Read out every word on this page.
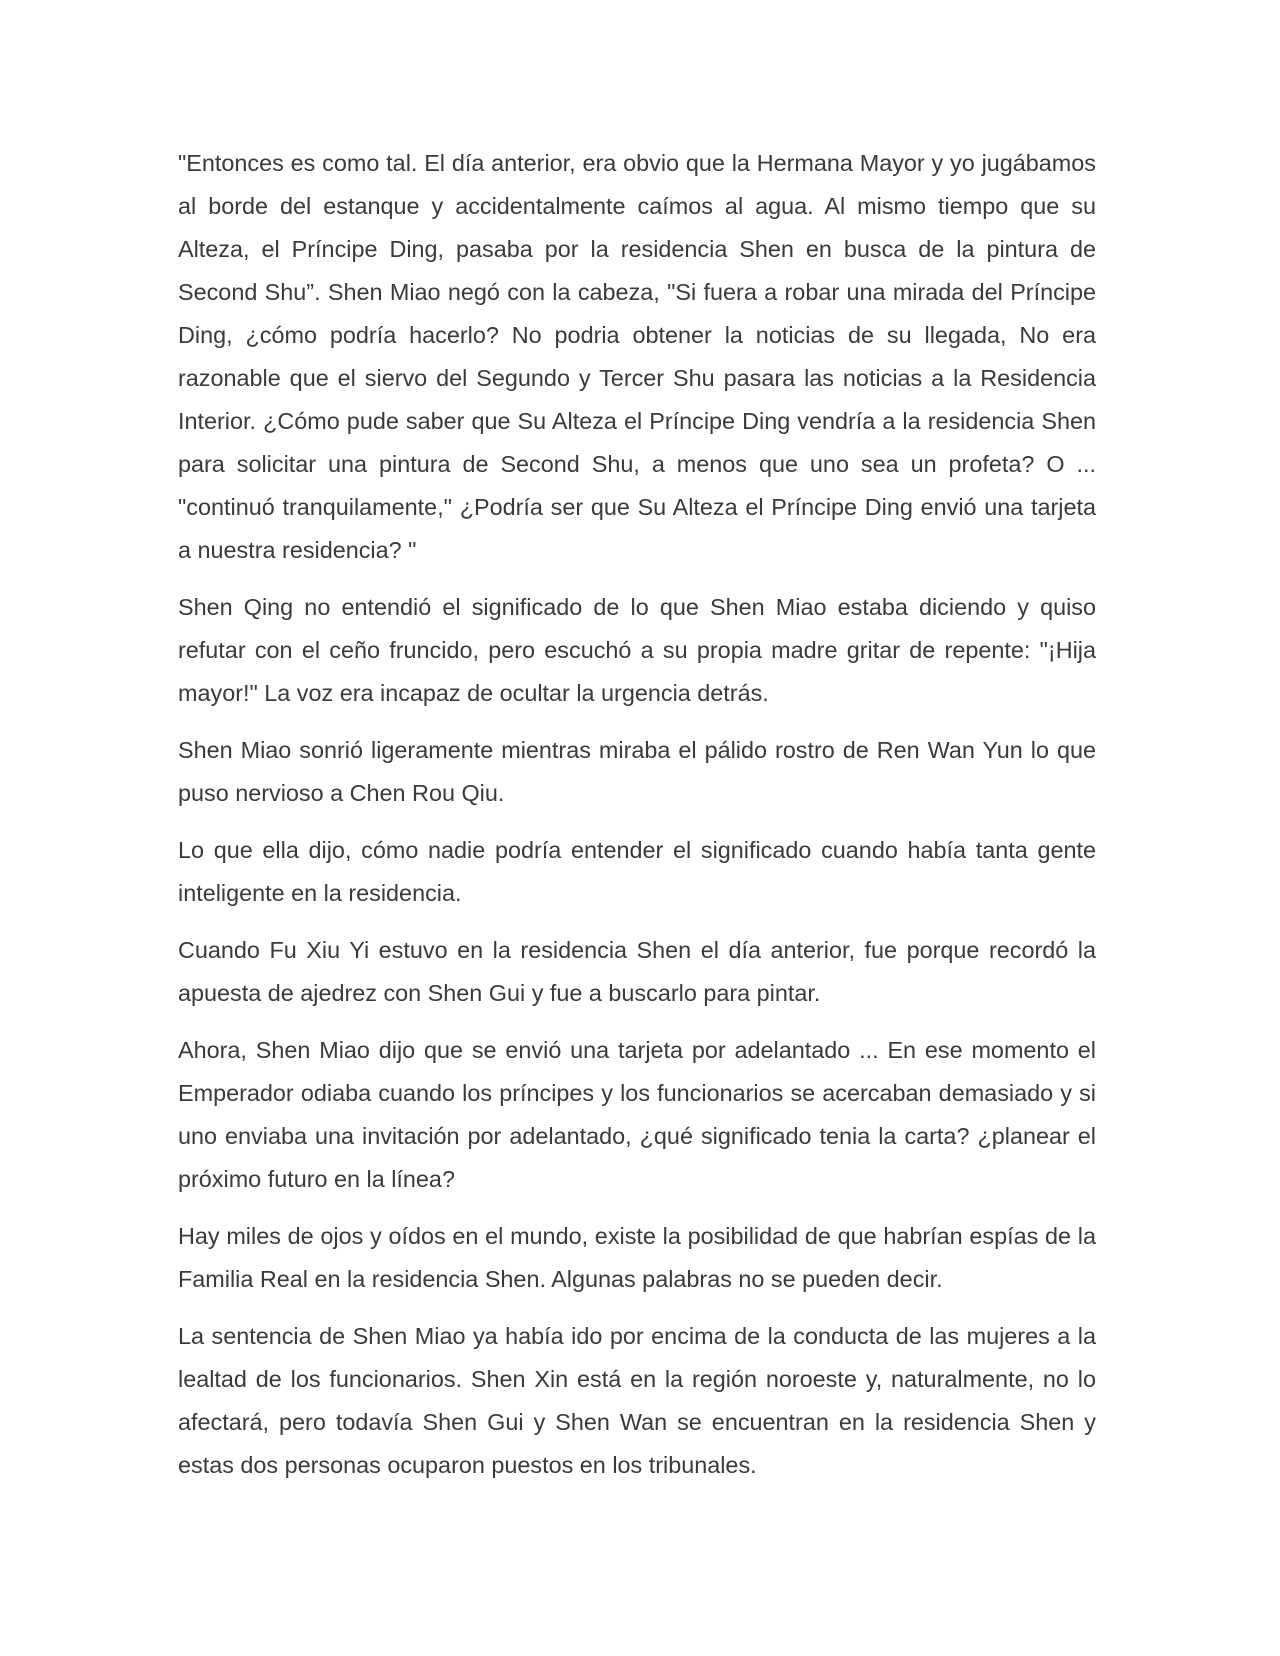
"Entonces es como tal. El día anterior, era obvio que la Hermana Mayor y yo jugábamos al borde del estanque y accidentalmente caímos al agua. Al mismo tiempo que su Alteza, el Príncipe Ding, pasaba por la residencia Shen en busca de la pintura de Second Shu”. Shen Miao negó con la cabeza, "Si fuera a robar una mirada del Príncipe Ding, ¿cómo podría hacerlo? No podria obtener la noticias de su llegada, No era razonable que el siervo del Segundo y Tercer Shu pasara las noticias a la Residencia Interior. ¿Cómo pude saber que Su Alteza el Príncipe Ding vendría a la residencia Shen para solicitar una pintura de Second Shu, a menos que uno sea un profeta? O ... "continuó tranquilamente," ¿Podría ser que Su Alteza el Príncipe Ding envió una tarjeta a nuestra residencia? "

Shen Qing no entendió el significado de lo que Shen Miao estaba diciendo y quiso refutar con el ceño fruncido, pero escuchó a su propia madre gritar de repente: "¡Hija mayor!" La voz era incapaz de ocultar la urgencia detrás.

Shen Miao sonrió ligeramente mientras miraba el pálido rostro de Ren Wan Yun lo que puso nervioso a Chen Rou Qiu.

Lo que ella dijo, cómo nadie podría entender el significado cuando había tanta gente inteligente en la residencia.

Cuando Fu Xiu Yi estuvo en la residencia Shen el día anterior, fue porque recordó la apuesta de ajedrez con Shen Gui y fue a buscarlo para pintar.

Ahora, Shen Miao dijo que se envió una tarjeta por adelantado ... En ese momento el Emperador odiaba cuando los príncipes y los funcionarios se acercaban demasiado y si uno enviaba una invitación por adelantado, ¿qué significado tenia la carta? ¿planear el próximo futuro en la línea?

Hay miles de ojos y oídos en el mundo, existe la posibilidad de que habrían espías de la Familia Real en la residencia Shen. Algunas palabras no se pueden decir.

La sentencia de Shen Miao ya había ido por encima de la conducta de las mujeres a la lealtad de los funcionarios. Shen Xin está en la región noroeste y, naturalmente, no lo afectará, pero todavía Shen Gui y Shen Wan se encuentran en la residencia Shen y estas dos personas ocuparon puestos en los tribunales.
